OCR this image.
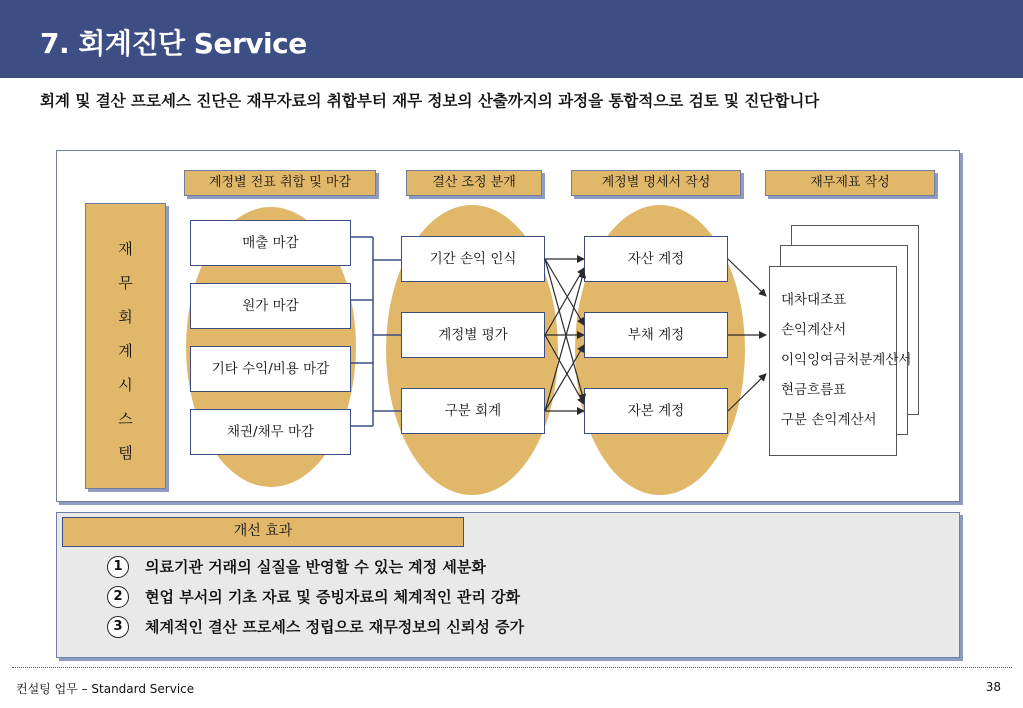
7. 회계진단 Service
회계 및 결산 프로세스 진단은 재무자료의 취합부터 재무 정보의 산출까지의 과정을 통합적으로 검토 및 진단합니다
계정별 전표 취합 및 마감	결산 조정 분개	계정별 명세서 작성	재무제표 작성
재
무
회
계
시
스
템
매출 마감
원가 마감
기타 수익/비용 마감
채권/채무 마감
기간 손익 인식
계정별 평가
구분 회계
자산 계정
부채 계정
자본 계정
대차대조표
손익계산서
이익잉여금처분계산서
현금흐름표
구분 손익계산서
개선 효과
1	의료기관 거래의 실질을 반영할 수 있는 계정 세분화
2	현업 부서의 기초 자료 및 증빙자료의 체계적인 관리 강화
3	체계적인 결산 프로세스 정립으로 재무정보의 신뢰성 증가
컨설팅 업무 – Standard Service	38
